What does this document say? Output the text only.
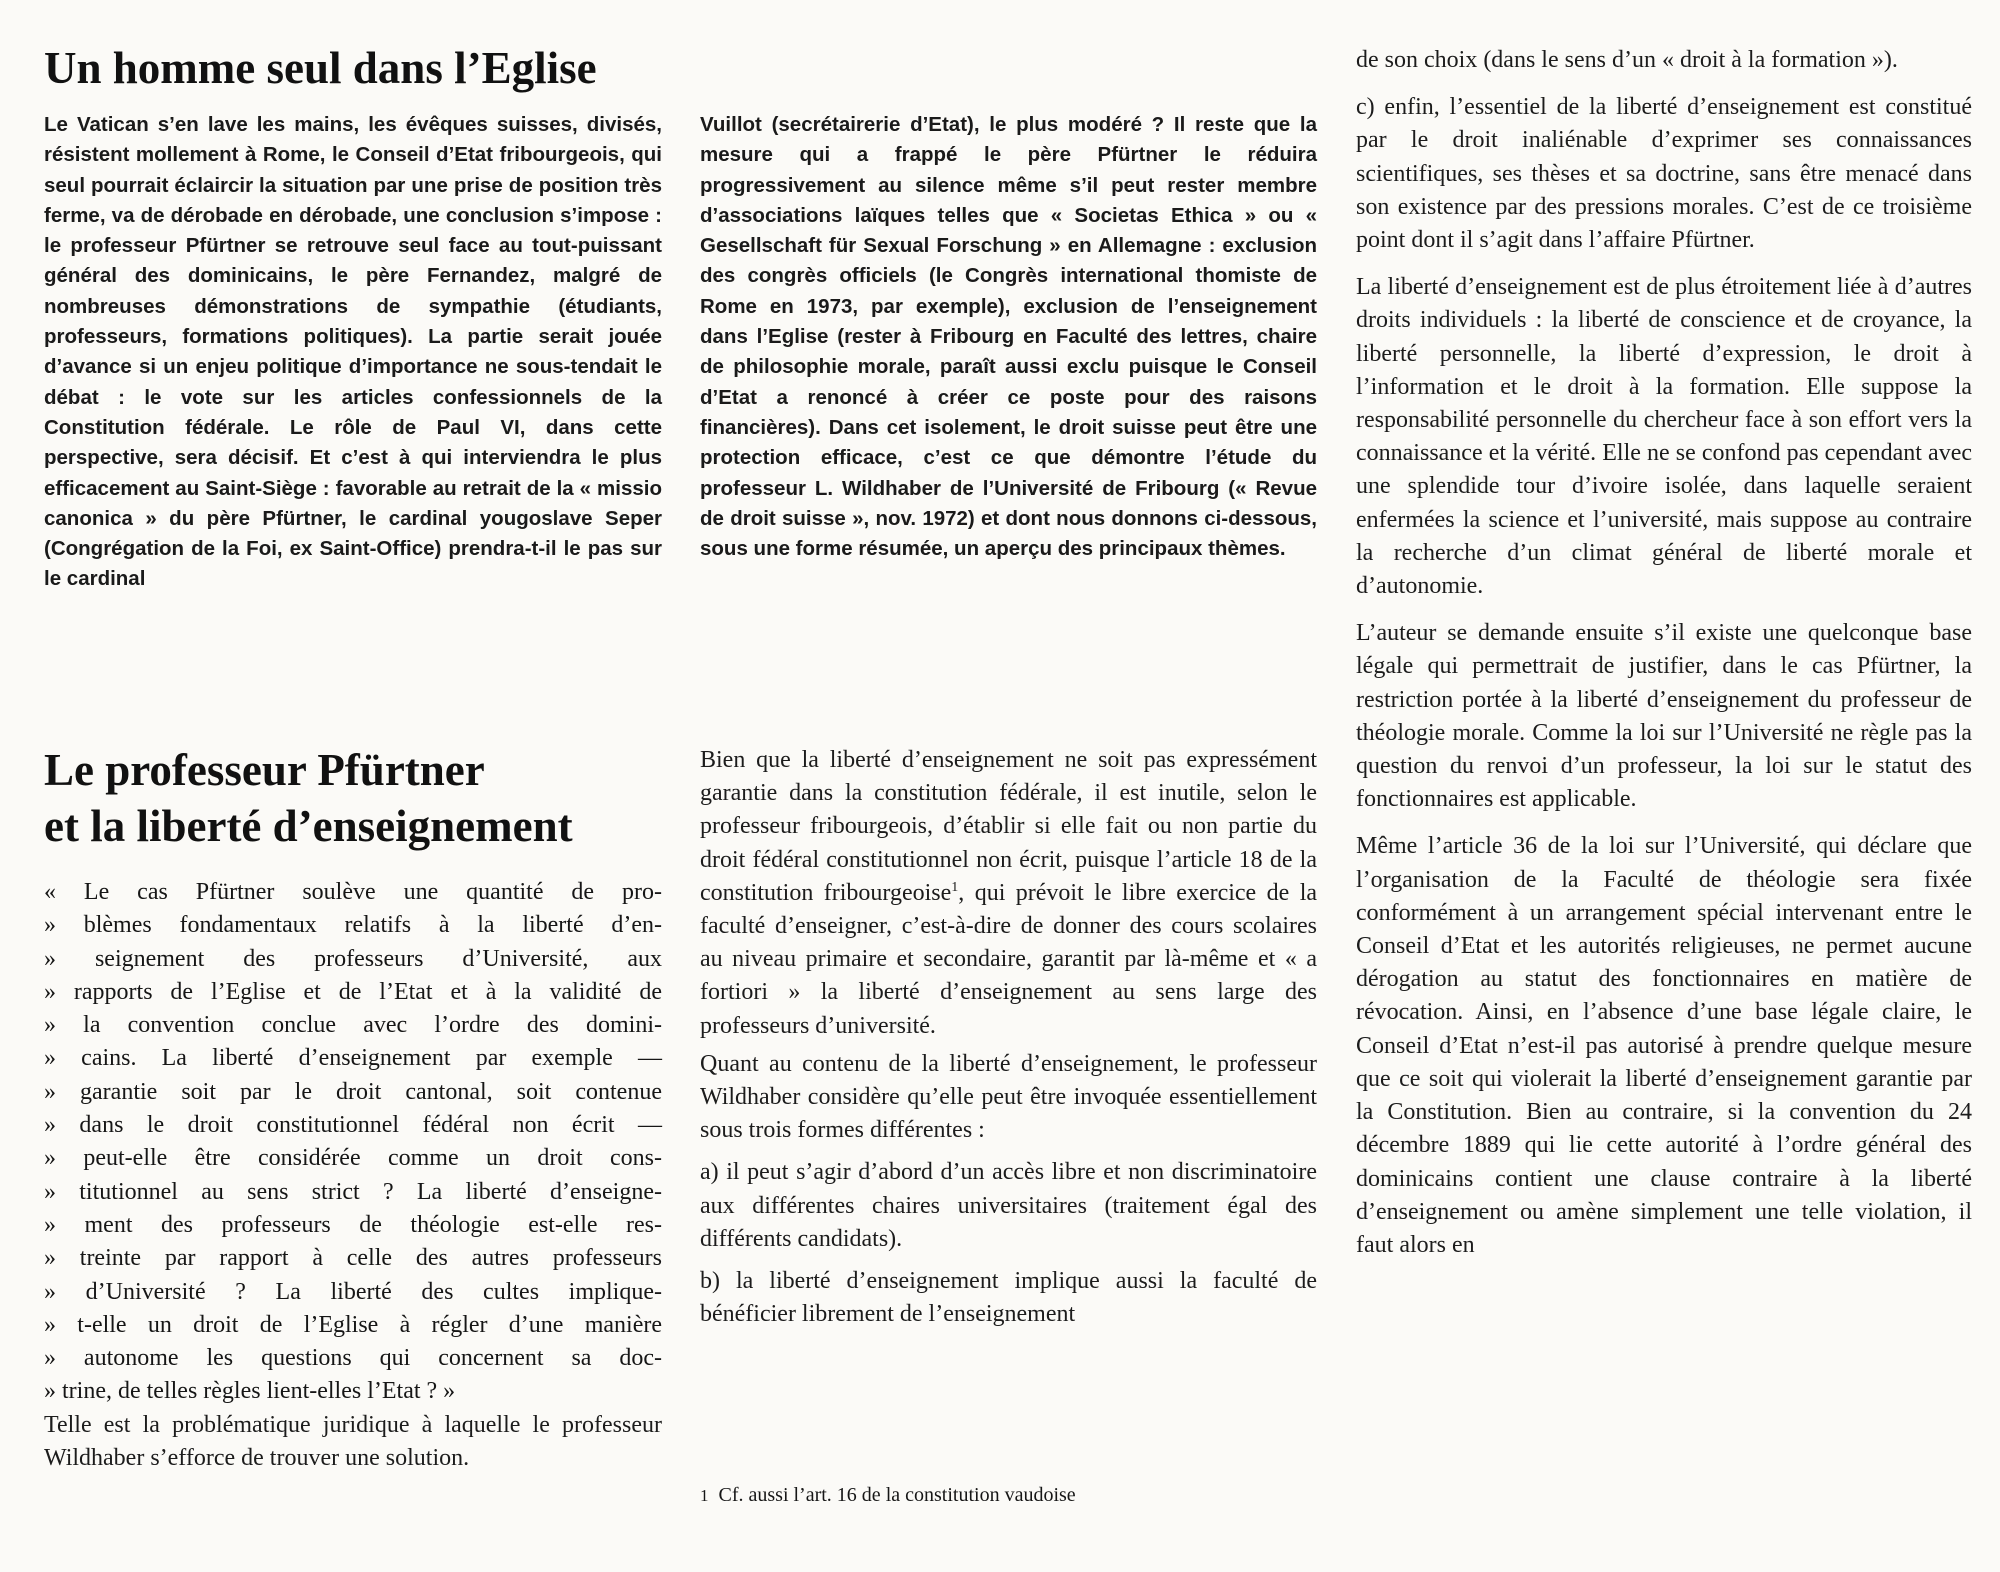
Un homme seul dans l’Eglise

Le Vatican s’en lave les mains, les évêques suisses, divisés, résistent mollement à Rome, le Conseil d’Etat fribourgeois, qui seul pourrait éclaircir la situation par une prise de position très ferme, va de dérobade en dérobade, une conclusion s’impose : le professeur Pfürtner se retrouve seul face au tout-puissant général des dominicains, le père Fernandez, malgré de nombreuses démonstrations de sympathie (étudiants, professeurs, formations politiques). La partie serait jouée d’avance si un enjeu politique d’importance ne sous-tendait le débat : le vote sur les articles confessionnels de la Constitution fédérale. Le rôle de Paul VI, dans cette perspective, sera décisif. Et c’est à qui interviendra le plus efficacement au Saint-Siège : favorable au retrait de la « missio canonica » du père Pfürtner, le cardinal yougoslave Seper (Congrégation de la Foi, ex Saint-Office) prendra-t-il le pas sur le cardinal

Le professeur Pfürtner
et la liberté d’enseignement
« Le cas Pfürtner soulève une quantité de pro-
» blèmes fondamentaux relatifs à la liberté d’en-
» seignement des professeurs d’Université, aux
» rapports de l’Eglise et de l’Etat et à la validité de
» la convention conclue avec l’ordre des domini-
» cains. La liberté d’enseignement par exemple —
» garantie soit par le droit cantonal, soit contenue
» dans le droit constitutionnel fédéral non écrit —
» peut-elle être considérée comme un droit cons-
» titutionnel au sens strict ? La liberté d’enseigne-
» ment des professeurs de théologie est-elle res-
» treinte par rapport à celle des autres professeurs
» d’Université ? La liberté des cultes implique-
» t-elle un droit de l’Eglise à régler d’une manière
» autonome les questions qui concernent sa doc-
» trine, de telles règles lient-elles l’Etat ? »

Telle est la problématique juridique à laquelle le professeur Wildhaber s’efforce de trouver une solution.

Vuillot (secrétairerie d’Etat), le plus modéré ? Il reste que la mesure qui a frappé le père Pfürtner le réduira progressivement au silence même s’il peut rester membre d’associations laïques telles que « Societas Ethica » ou « Gesellschaft für Sexual Forschung » en Allemagne : exclusion des congrès officiels (le Congrès international thomiste de Rome en 1973, par exemple), exclusion de l’enseignement dans l’Eglise (rester à Fribourg en Faculté des lettres, chaire de philosophie morale, paraît aussi exclu puisque le Conseil d’Etat a renoncé à créer ce poste pour des raisons financières). Dans cet isolement, le droit suisse peut être une protection efficace, c’est ce que démontre l’étude du professeur L. Wildhaber de l’Université de Fribourg (« Revue de droit suisse », nov. 1972) et dont nous donnons ci-dessous, sous une forme résumée, un aperçu des principaux thèmes.

Bien que la liberté d’enseignement ne soit pas expressément garantie dans la constitution fédérale, il est inutile, selon le professeur fribourgeois, d’établir si elle fait ou non partie du droit fédéral constitutionnel non écrit, puisque l’article 18 de la constitution fribourgeoise$^1$, qui prévoit le libre exercice de la faculté d’enseigner, c’est-à-dire de donner des cours scolaires au niveau primaire et secondaire, garantit par là-même et « a fortiori » la liberté d’enseignement au sens large des professeurs d’université.

Quant au contenu de la liberté d’enseignement, le professeur Wildhaber considère qu’elle peut être invoquée essentiellement sous trois formes différentes :

a) il peut s’agir d’abord d’un accès libre et non discriminatoire aux différentes chaires universitaires (traitement égal des différents candidats).

b) la liberté d’enseignement implique aussi la faculté de bénéficier librement de l’enseignement

1 Cf. aussi l’art. 16 de la constitution vaudoise

de son choix (dans le sens d’un « droit à la formation »).

c) enfin, l’essentiel de la liberté d’enseignement est constitué par le droit inaliénable d’exprimer ses connaissances scientifiques, ses thèses et sa doctrine, sans être menacé dans son existence par des pressions morales. C’est de ce troisième point dont il s’agit dans l’affaire Pfürtner.

La liberté d’enseignement est de plus étroitement liée à d’autres droits individuels : la liberté de conscience et de croyance, la liberté personnelle, la liberté d’expression, le droit à l’information et le droit à la formation. Elle suppose la responsabilité personnelle du chercheur face à son effort vers la connaissance et la vérité. Elle ne se confond pas cependant avec une splendide tour d’ivoire isolée, dans laquelle seraient enfermées la science et l’université, mais suppose au contraire la recherche d’un climat général de liberté morale et d’autonomie.

L’auteur se demande ensuite s’il existe une quelconque base légale qui permettrait de justifier, dans le cas Pfürtner, la restriction portée à la liberté d’enseignement du professeur de théologie morale. Comme la loi sur l’Université ne règle pas la question du renvoi d’un professeur, la loi sur le statut des fonctionnaires est applicable.

Même l’article 36 de la loi sur l’Université, qui déclare que l’organisation de la Faculté de théologie sera fixée conformément à un arrangement spécial intervenant entre le Conseil d’Etat et les autorités religieuses, ne permet aucune dérogation au statut des fonctionnaires en matière de révocation. Ainsi, en l’absence d’une base légale claire, le Conseil d’Etat n’est-il pas autorisé à prendre quelque mesure que ce soit qui violerait la liberté d’enseignement garantie par la Constitution. Bien au contraire, si la convention du 24 décembre 1889 qui lie cette autorité à l’ordre général des dominicains contient une clause contraire à la liberté d’enseignement ou amène simplement une telle violation, il faut alors en
